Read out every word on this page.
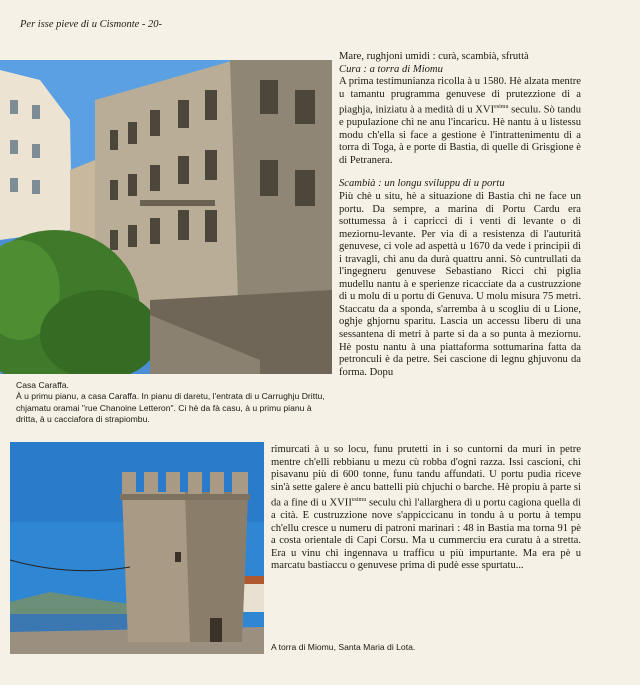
Per isse pieve di u Cismonte - 20-
Casa Caraffa.
À u primu pianu, a casa Caraffa. In pianu di daretu, l'entrata di u Carrughju Drittu, chjamatu oramai "rue Chanoine Letteron". Ci hè da fà casu, à u primu pianu à dritta, à u cacciafora di strapiombu.
A torra di Miomu, Santa Maria di Lota.

Mare, rughjoni umidi : curà, scambià, sfruttà

Cura : a torra di Miomu

A prima testimunianza ricolla à u 1580. Hè alzata mentre u tamantu prugramma genuvese di prutezzione di a piaghja, iniziatu à a medità di u $XVI^{esimu}$ seculu. Sò tandu e pupulazione chì ne anu l'incaricu. Hè nantu à u listessu modu ch'ella si face a gestione è l'intrattenimentu di a torra di Toga, à e porte di Bastia, di quelle di Grisgione è di Petranera.

Scambià : un longu sviluppu di u portu

Più chè u situ, hè a situazione di Bastia chì ne face un portu. Da sempre, a marina di Portu Cardu era sottumessa à i capricci di i venti di levante o di meziornu-levante. Per via di a resistenza di l'auturità genuvese, ci vole ad aspettà u 1670 da vede i principii di i travagli, chì anu da durà quattru anni. Sò cuntrullati da l'ingegneru genuvese Sebastiano Ricci chì piglia mudellu nantu à e sperienze ricacciate da a custruzzione di u molu di u portu di Genuva. U molu misura 75 metri. Staccatu da a sponda, s'arremba à u scogliu di u Lione, oghje ghjornu sparitu. Lascia un accessu liberu di una sessantena di metri à parte si da a so punta à meziornu. Hè postu nantu à una piattaforma sottumarina fatta da petronculi è da petre. Sei cascione di legnu ghjuvonu da forma. Dopu

rimurcati à u so locu, funu prutetti in i so cuntorni da muri in petre mentre ch'elli rebbianu u mezu cù robba d'ogni razza. Issi cascioni, chì pisavanu più di 600 tonne, funu tandu affundati. U portu pudia riceve sin'à sette galere è ancu battelli più chjuchi o barche. Hè propiu à parte si da a fine di u $XVII^{esimu}$ seculu chì l'allarghera di u portu cagiona quella di a cità. E custruzzione nove s'appiccicanu in tondu à u portu à tempu ch'ellu cresce u numeru di patroni marinari : 48 in Bastia ma torna 91 pè a costa orientale di Capi Corsu. Ma u cummerciu era curatu à a stretta. Era u vinu chì ingennava u trafficu u più impurtante. Ma era pè u marcatu bastiaccu o genuvese prima di pudè esse spurtatu...
